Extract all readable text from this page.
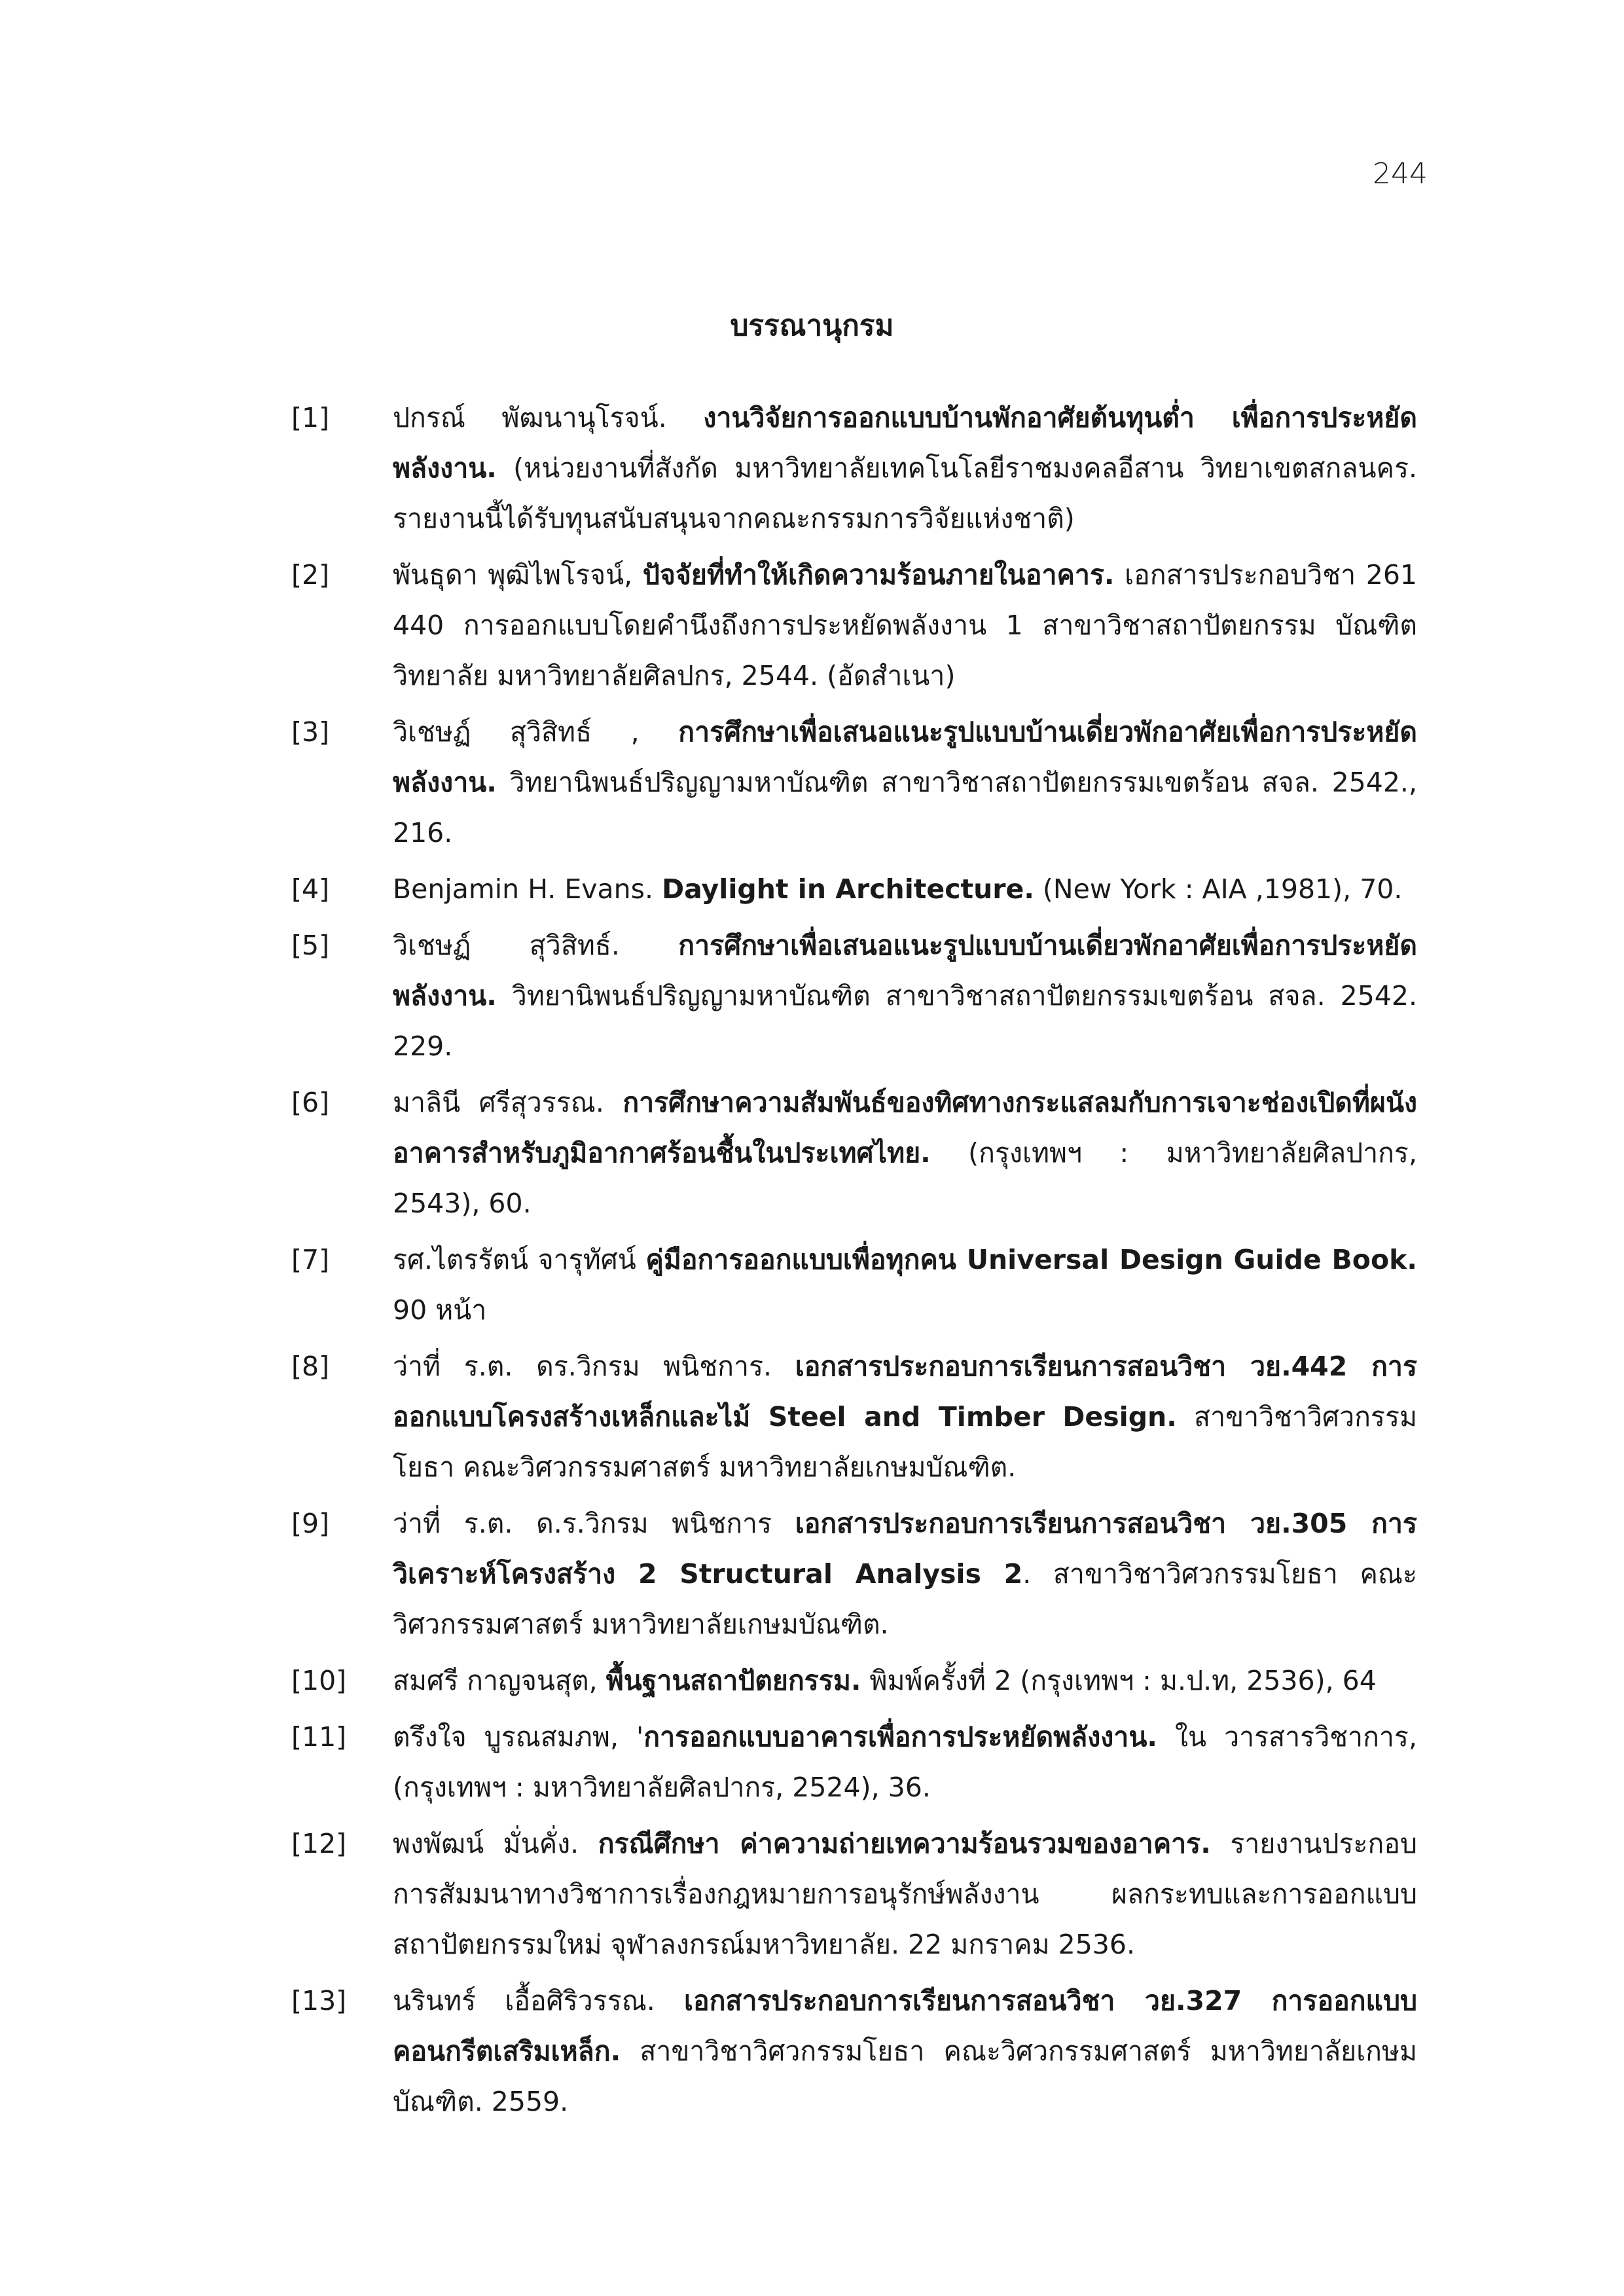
244
บรรณานุกรม
[1] ปกรณ์ พัฒนานุโรจน์. งานวิจัยการออกแบบบ้านพักอาศัยต้นทุนต่ำ เพื่อการประหยัดพลังงาน. (หน่วยงานที่สังกัด มหาวิทยาลัยเทคโนโลยีราชมงคลอีสาน วิทยาเขตสกลนคร. รายงานนี้ได้รับทุนสนับสนุนจากคณะกรรมการวิจัยแห่งชาติ)
[2] พันธุดา พุฒิไพโรจน์, ปัจจัยที่ทำให้เกิดความร้อนภายในอาคาร. เอกสารประกอบวิชา 261 440 การออกแบบโดยคำนึงถึงการประหยัดพลังงาน 1 สาขาวิชาสถาปัตยกรรม บัณฑิตวิทยาลัย มหาวิทยาลัยศิลปกร, 2544. (อัดสำเนา)
[3] วิเชษฏ์ สุวิสิทธ์ , การศึกษาเพื่อเสนอแนะรูปแบบบ้านเดี่ยวพักอาศัยเพื่อการประหยัดพลังงาน. วิทยานิพนธ์ปริญญามหาบัณฑิต สาขาวิชาสถาปัตยกรรมเขตร้อน สจล. 2542., 216.
[4] Benjamin H. Evans. Daylight in Architecture. (New York : AIA ,1981), 70.
[5] วิเชษฏ์ สุวิสิทธ์. การศึกษาเพื่อเสนอแนะรูปแบบบ้านเดี่ยวพักอาศัยเพื่อการประหยัดพลังงาน. วิทยานิพนธ์ปริญญามหาบัณฑิต สาขาวิชาสถาปัตยกรรมเขตร้อน สจล. 2542. 229.
[6] มาลินี ศรีสุวรรณ. การศึกษาความสัมพันธ์ของทิศทางกระแสลมกับการเจาะช่องเปิดที่ผนังอาคารสำหรับภูมิอากาศร้อนชื้นในประเทศไทย. (กรุงเทพฯ : มหาวิทยาลัยศิลปากร, 2543), 60.
[7] รศ.ไตรรัตน์ จารุทัศน์ คู่มือการออกแบบเพื่อทุกคน Universal Design Guide Book. 90 หน้า
[8] ว่าที่ ร.ต. ดร.วิกรม พนิชการ. เอกสารประกอบการเรียนการสอนวิชา วย.442 การออกแบบโครงสร้างเหล็กและไม้ Steel and Timber Design. สาขาวิชาวิศวกรรมโยธา คณะวิศวกรรมศาสตร์ มหาวิทยาลัยเกษมบัณฑิต.
[9] ว่าที่ ร.ต. ด.ร.วิกรม พนิชการ เอกสารประกอบการเรียนการสอนวิชา วย.305 การวิเคราะห์โครงสร้าง 2 Structural Analysis 2. สาขาวิชาวิศวกรรมโยธา คณะวิศวกรรมศาสตร์ มหาวิทยาลัยเกษมบัณฑิต.
[10] สมศรี กาญจนสุต, พื้นฐานสถาปัตยกรรม. พิมพ์ครั้งที่ 2 (กรุงเทพฯ : ม.ป.ท, 2536), 64
[11] ตรึงใจ บูรณสมภพ, 'การออกแบบอาคารเพื่อการประหยัดพลังงาน. ใน วารสารวิชาการ, (กรุงเทพฯ : มหาวิทยาลัยศิลปากร, 2524), 36.
[12] พงพัฒน์ มั่นคั่ง. กรณีศึกษา ค่าความถ่ายเทความร้อนรวมของอาคาร. รายงานประกอบการสัมมนาทางวิชาการเรื่องกฎหมายการอนุรักษ์พลังงาน ผลกระทบและการออกแบบสถาปัตยกรรมใหม่ จุฬาลงกรณ์มหาวิทยาลัย. 22 มกราคม 2536.
[13] นรินทร์ เอื้อศิริวรรณ. เอกสารประกอบการเรียนการสอนวิชา วย.327 การออกแบบคอนกรีตเสริมเหล็ก. สาขาวิชาวิศวกรรมโยธา คณะวิศวกรรมศาสตร์ มหาวิทยาลัยเกษมบัณฑิต. 2559.
